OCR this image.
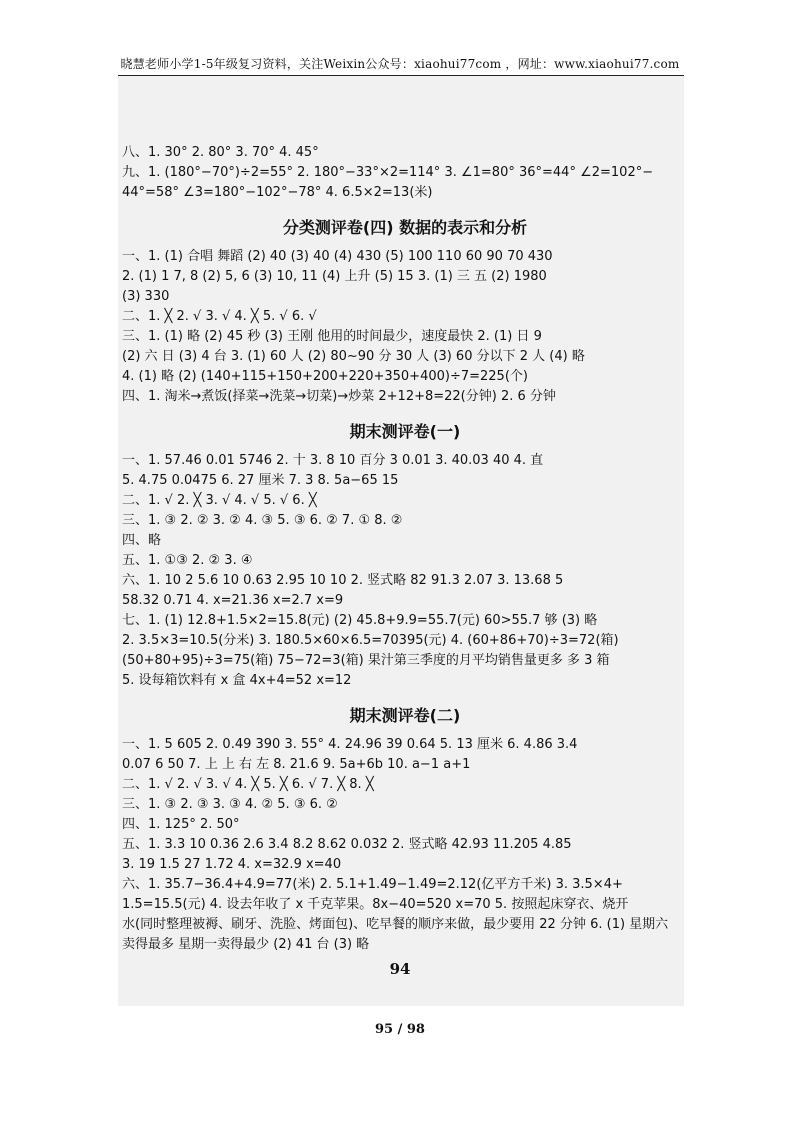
晓慧老师小学1-5年级复习资料，关注Weixin公众号：xiaohui77com ，网址：www.xiaohui77.com
八、1. 30° 2. 80° 3. 70° 4. 45°
九、1. (180°−70°)÷2=55° 2. 180°−33°×2=114° 3. ∠1=80° 36°=44° ∠2=102°−
44°=58° ∠3=180°−102°−78° 4. 6.5×2=13(米)
分类测评卷(四) 数据的表示和分析
一、1. (1) 合唱 舞蹈 (2) 40 (3) 40 (4) 430 (5) 100 110 60 90 70 430
2. (1) 1 7, 8 (2) 5, 6 (3) 10, 11 (4) 上升 (5) 15 3. (1) 三 五 (2) 1980
(3) 330
二、1. ╳ 2. √ 3. √ 4. ╳ 5. √ 6. √
三、1. (1) 略 (2) 45 秒 (3) 王刚 他用的时间最少，速度最快 2. (1) 日 9
(2) 六 日 (3) 4 台 3. (1) 60 人 (2) 80~90 分 30 人 (3) 60 分以下 2 人 (4) 略
4. (1) 略 (2) (140+115+150+200+220+350+400)÷7=225(个)
四、1. 淘米→煮饭(择菜→洗菜→切菜)→炒菜 2+12+8=22(分钟) 2. 6 分钟
期末测评卷(一)
一、1. 57.46 0.01 5746 2. 十 3. 8 10 百分 3 0.01 3. 40.03 40 4. 直
5. 4.75 0.0475 6. 27 厘米 7. 3 8. 5a−65 15
二、1. √ 2. ╳ 3. √ 4. √ 5. √ 6. ╳
三、1. ③ 2. ② 3. ② 4. ③ 5. ③ 6. ② 7. ① 8. ②
四、略
五、1. ①③ 2. ② 3. ④
六、1. 10 2 5.6 10 0.63 2.95 10 10 2. 竖式略 82 91.3 2.07 3. 13.68 5
58.32 0.71 4. x=21.36 x=2.7 x=9
七、1. (1) 12.8+1.5×2=15.8(元) (2) 45.8+9.9=55.7(元) 60>55.7 够 (3) 略
2. 3.5×3=10.5(分米) 3. 180.5×60×6.5=70395(元) 4. (60+86+70)÷3=72(箱)
(50+80+95)÷3=75(箱) 75−72=3(箱) 果汁第三季度的月平均销售量更多 多 3 箱
5. 设每箱饮料有 x 盒 4x+4=52 x=12
期末测评卷(二)
一、1. 5 605 2. 0.49 390 3. 55° 4. 24.96 39 0.64 5. 13 厘米 6. 4.86 3.4
0.07 6 50 7. 上 上 右 左 8. 21.6 9. 5a+6b 10. a−1 a+1
二、1. √ 2. √ 3. √ 4. ╳ 5. ╳ 6. √ 7. ╳ 8. ╳
三、1. ③ 2. ③ 3. ③ 4. ② 5. ③ 6. ②
四、1. 125° 2. 50°
五、1. 3.3 10 0.36 2.6 3.4 8.2 8.62 0.032 2. 竖式略 42.93 11.205 4.85
3. 19 1.5 27 1.72 4. x=32.9 x=40
六、1. 35.7−36.4+4.9=77(米) 2. 5.1+1.49−1.49=2.12(亿平方千米) 3. 3.5×4+
1.5=15.5(元) 4. 设去年收了 x 千克苹果。8x−40=520 x=70 5. 按照起床穿衣、烧开
水(同时整理被褥、刷牙、洗脸、烤面包)、吃早餐的顺序来做，最少要用 22 分钟 6. (1) 星期六
卖得最多 星期一卖得最少 (2) 41 台 (3) 略
94
95 / 98
